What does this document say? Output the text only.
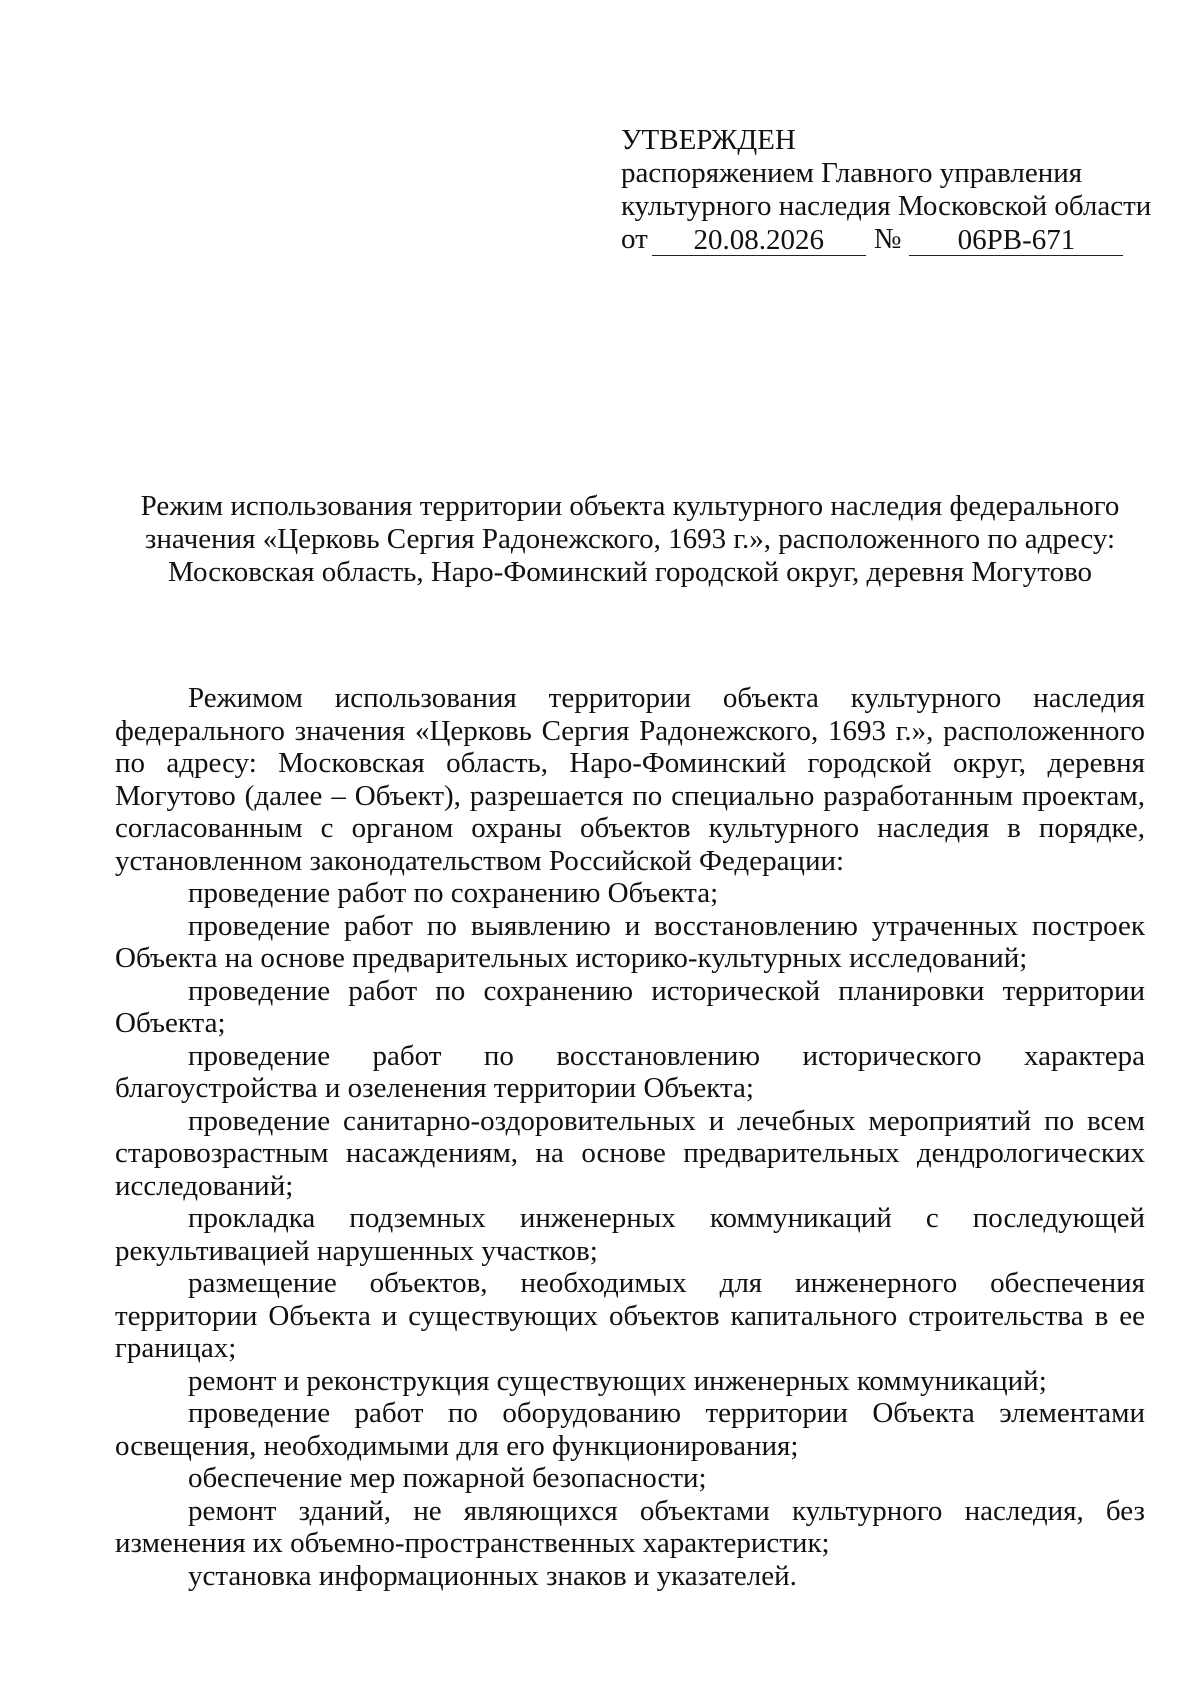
УТВЕРЖДЕН
распоряжением Главного управления
культурного наследия Московской области
от	20.08.2026	№	06РВ-671
Режим использования территории объекта культурного наследия федерального
значения «Церковь Сергия Радонежского, 1693 г.», расположенного по адресу:
Московская область, Наро-Фоминский городской округ, деревня Могутово

Режимом использования территории объекта культурного наследия федерального значения «Церковь Сергия Радонежского, 1693 г.», расположенного по адресу: Московская область, Наро-Фоминский городской округ, деревня Могутово (далее – Объект), разрешается по специально разработанным проектам, согласованным с органом охраны объектов культурного наследия в порядке, установленном законодательством Российской Федерации:

проведение работ по сохранению Объекта;

проведение работ по выявлению и восстановлению утраченных построек Объекта на основе предварительных историко-культурных исследований;

проведение работ по сохранению исторической планировки территории Объекта;

проведение работ по восстановлению исторического характера благоустройства и озеленения территории Объекта;

проведение санитарно-оздоровительных и лечебных мероприятий по всем старовозрастным насаждениям, на основе предварительных дендрологических исследований;

прокладка подземных инженерных коммуникаций с последующей рекультивацией нарушенных участков;

размещение объектов, необходимых для инженерного обеспечения территории Объекта и существующих объектов капитального строительства в ее границах;

ремонт и реконструкция существующих инженерных коммуникаций;

проведение работ по оборудованию территории Объекта элементами освещения, необходимыми для его функционирования;

обеспечение мер пожарной безопасности;

ремонт зданий, не являющихся объектами культурного наследия, без изменения их объемно-пространственных характеристик;

установка информационных знаков и указателей.
